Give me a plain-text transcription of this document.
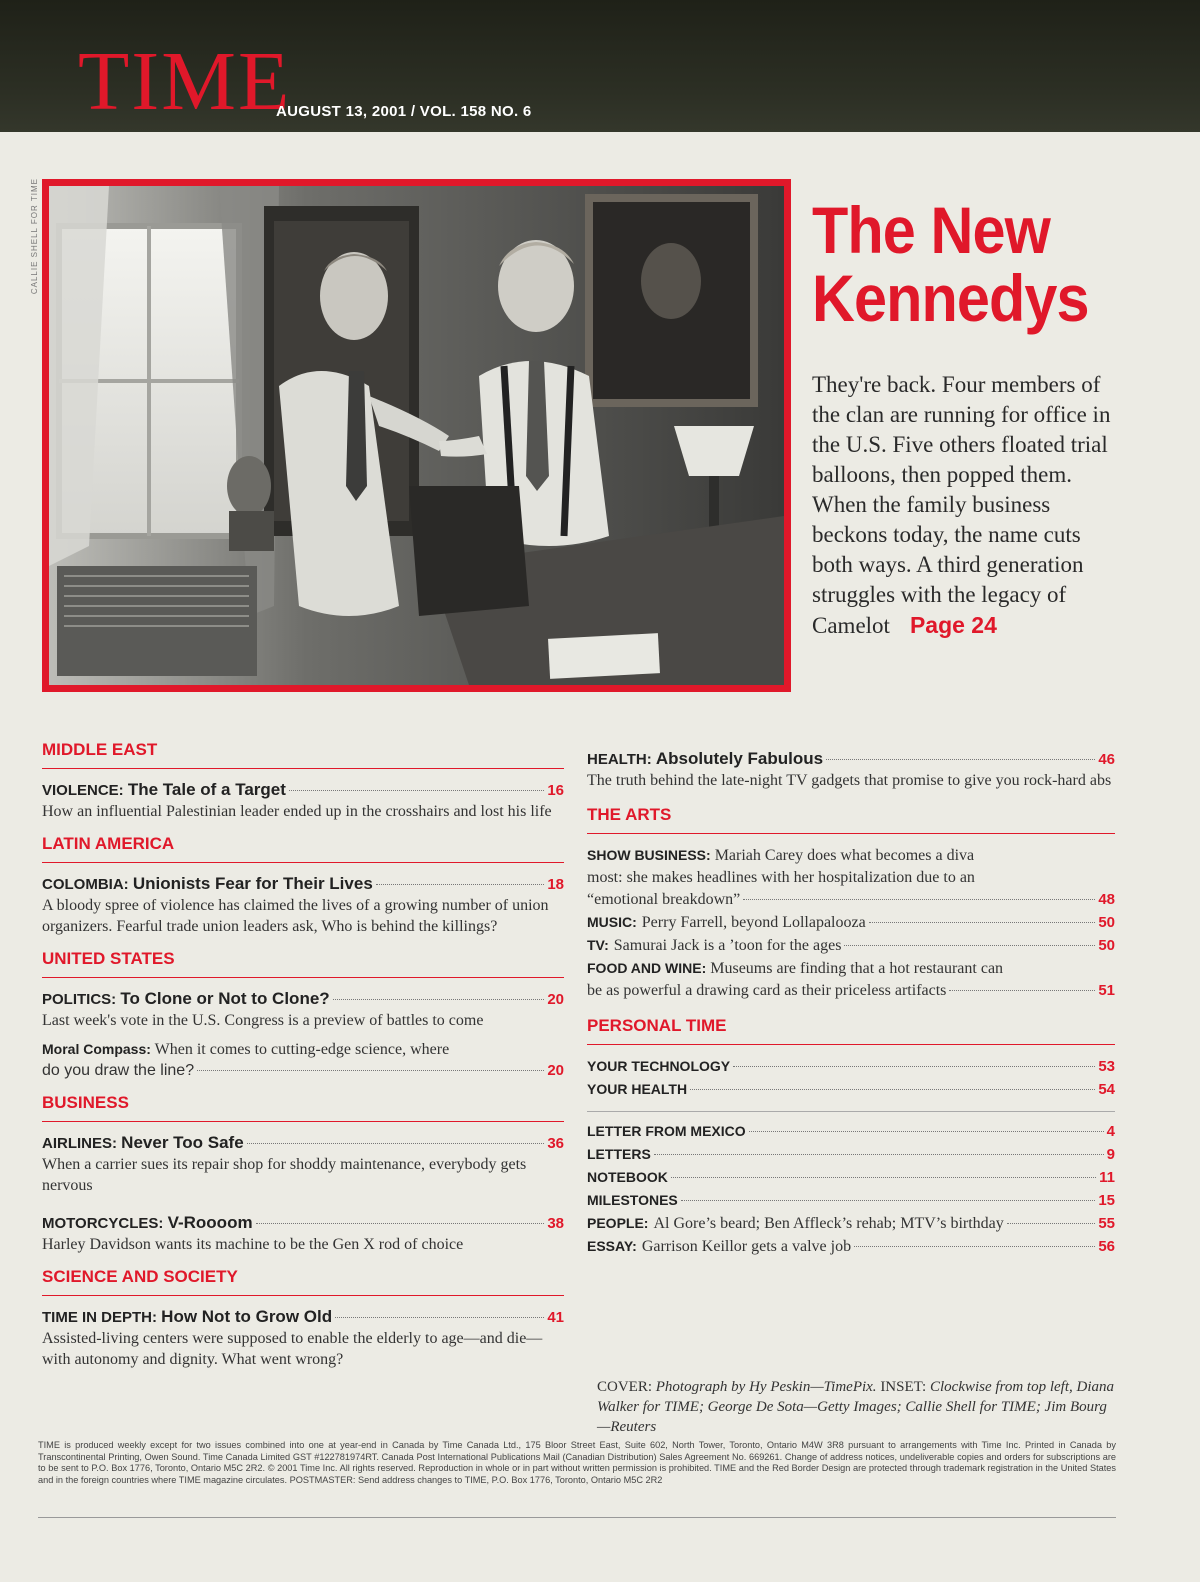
TIME
AUGUST 13, 2001 / VOL. 158 NO. 6
CALLIE SHELL FOR TIME	The New
Kennedys
They're back. Four members of the clan are running for office in the U.S. Five others floated trial balloons, then popped them. When the family business beckons today, the name cuts both ways. A third generation struggles with the legacy of Camelot Page 24
MIDDLE EAST
VIOLENCE:
The Tale of a Target	16
How an influential Palestinian leader ended up in the crosshairs and lost his life
LATIN AMERICA
COLOMBIA:
Unionists Fear for Their Lives	18
A bloody spree of violence has claimed the lives of a growing number of union organizers. Fearful trade union leaders ask, Who is behind the killings?
UNITED STATES
POLITICS:
To Clone or Not to Clone?	20
Last week's vote in the U.S. Congress is a preview of battles to come
Moral Compass: When it comes to cutting-edge science, where
do you draw the line?	20
BUSINESS
AIRLINES:
Never Too Safe	36
When a carrier sues its repair shop for shoddy maintenance, everybody gets nervous
MOTORCYCLES:
V-Roooom	38
Harley Davidson wants its machine to be the Gen X rod of choice
SCIENCE AND SOCIETY
TIME IN DEPTH:
How Not to Grow Old	41
Assisted-living centers were supposed to enable the elderly to age—and die—with autonomy and dignity. What went wrong?
HEALTH:
Absolutely Fabulous	46
The truth behind the late-night TV gadgets that promise to give you rock-hard abs
THE ARTS
SHOW BUSINESS: Mariah Carey does what becomes a diva
most: she makes headlines with her hospitalization due to an
“emotional breakdown”	48
MUSIC: Perry Farrell, beyond Lollapalooza	50
TV: Samurai Jack is a ’toon for the ages	50
FOOD AND WINE: Museums are finding that a hot restaurant can
be as powerful a drawing card as their priceless artifacts	51
PERSONAL TIME
YOUR TECHNOLOGY	53
YOUR HEALTH	54
LETTER FROM MEXICO	4
LETTERS	9
NOTEBOOK	11
MILESTONES	15
PEOPLE: Al Gore’s beard; Ben Affleck’s rehab; MTV’s birthday	55
ESSAY: Garrison Keillor gets a valve job	56
COVER: Photograph by Hy Peskin—TimePix. INSET: Clockwise from top left, Diana Walker for TIME; George De Sota—Getty Images; Callie Shell for TIME; Jim Bourg—Reuters
TIME is produced weekly except for two issues combined into one at year-end in Canada by Time Canada Ltd., 175 Bloor Street East, Suite 602, North Tower, Toronto, Ontario M4W 3R8 pursuant to arrangements with Time Inc. Printed in Canada by Transcontinental Printing, Owen Sound. Time Canada Limited GST #122781974RT. Canada Post International Publications Mail (Canadian Distribution) Sales Agreement No. 669261. Change of address notices, undeliverable copies and orders for subscriptions are to be sent to P.O. Box 1776, Toronto, Ontario M5C 2R2. © 2001 Time Inc. All rights reserved. Reproduction in whole or in part without written permission is prohibited. TIME and the Red Border Design are protected through trademark registration in the United States and in the foreign countries where TIME magazine circulates. POSTMASTER: Send address changes to TIME, P.O. Box 1776, Toronto, Ontario M5C 2R2
